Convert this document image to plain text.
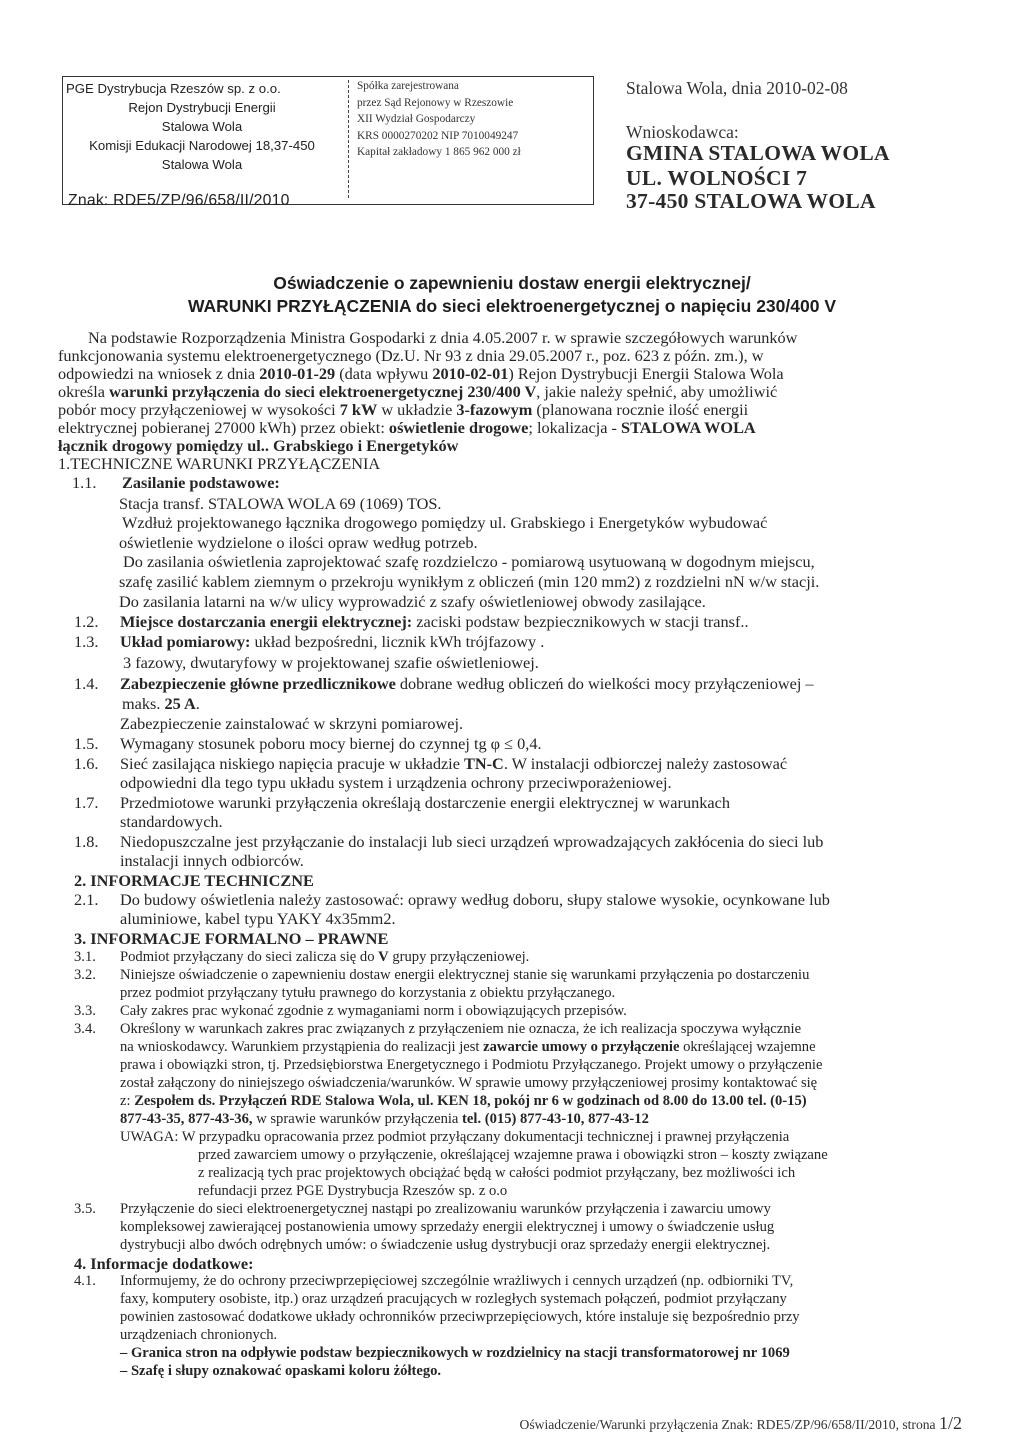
PGE Dystrybucja Rzeszów sp. z o.o.
Rejon Dystrybucji Energii
Stalowa Wola
Komisji Edukacji Narodowej 18,37-450
Stalowa Wola
Spółka zarejestrowana
przez Sąd Rejonowy w Rzeszowie
XII Wydział Gospodarczy
KRS 0000270202 NIP 7010049247
Kapitał zakładowy 1 865 962 000 zł
Znak: RDE5/ZP/96/658/II/2010
Stalowa Wola, dnia 2010-02-08
Wnioskodawca:
GMINA STALOWA WOLA
UL. WOLNOŚCI 7
37-450 STALOWA WOLA
Oświadczenie o zapewnieniu dostaw energii elektrycznej/
WARUNKI PRZYŁĄCZENIA do sieci elektroenergetycznej o napięciu 230/400 V
Na podstawie Rozporządzenia Ministra Gospodarki z dnia 4.05.2007 r. w sprawie szczegółowych warunków
funkcjonowania systemu elektroenergetycznego (Dz.U. Nr 93 z dnia 29.05.2007 r., poz. 623 z późn. zm.), w
odpowiedzi na wniosek z dnia 2010-01-29 (data wpływu 2010-02-01) Rejon Dystrybucji Energii Stalowa Wola
określa warunki przyłączenia do sieci elektroenergetycznej 230/400 V, jakie należy spełnić, aby umożliwić
pobór mocy przyłączeniowej w wysokości 7 kW w układzie 3-fazowym (planowana rocznie ilość energii
elektrycznej pobieranej 27000 kWh) przez obiekt: oświetlenie drogowe; lokalizacja - STALOWA WOLA
łącznik drogowy pomiędzy ul.. Grabskiego i Energetyków
1.TECHNICZNE WARUNKI PRZYŁĄCZENIA
1.1. Zasilanie podstawowe:
Stacja transf. STALOWA WOLA 69 (1069) TOS.
Wzdłuż projektowanego łącznika drogowego pomiędzy ul. Grabskiego i Energetyków wybudować
oświetlenie wydzielone o ilości opraw według potrzeb.
Do zasilania oświetlenia zaprojektować szafę rozdzielczo - pomiarową usytuowaną w dogodnym miejscu,
szafę zasilić kablem ziemnym o przekroju wynikłym z obliczeń (min 120 mm2) z rozdzielni nN w/w stacji.
Do zasilania latarni na w/w ulicy wyprowadzić z szafy oświetleniowej obwody zasilające.
1.2. Miejsce dostarczania energii elektrycznej: zaciski podstaw bezpiecznikowych w stacji transf..
1.3. Układ pomiarowy: układ bezpośredni, licznik kWh trójfazowy .
3 fazowy, dwutaryfowy w projektowanej szafie oświetleniowej.
1.4. Zabezpieczenie główne przedlicznikowe dobrane według obliczeń do wielkości mocy przyłączeniowej –
maks. 25 A.
Zabezpieczenie zainstalować w skrzyni pomiarowej.
1.5. Wymagany stosunek poboru mocy biernej do czynnej tg φ ≤ 0,4.
1.6. Sieć zasilająca niskiego napięcia pracuje w układzie TN-C. W instalacji odbiorczej należy zastosować
odpowiedni dla tego typu układu system i urządzenia ochrony przeciwporażeniowej.
1.7. Przedmiotowe warunki przyłączenia określają dostarczenie energii elektrycznej w warunkach
standardowych.
1.8. Niedopuszczalne jest przyłączanie do instalacji lub sieci urządzeń wprowadzających zakłócenia do sieci lub
instalacji innych odbiorców.
2. INFORMACJE TECHNICZNE
2.1. Do budowy oświetlenia należy zastosować: oprawy według doboru, słupy stalowe wysokie, ocynkowane lub
aluminiowe, kabel typu YAKY 4x35mm2.
3. INFORMACJE FORMALNO – PRAWNE
3.1. Podmiot przyłączany do sieci zalicza się do V grupy przyłączeniowej.
3.2. Niniejsze oświadczenie o zapewnieniu dostaw energii elektrycznej stanie się warunkami przyłączenia po dostarczeniu
przez podmiot przyłączany tytułu prawnego do korzystania z obiektu przyłączanego.
3.3. Cały zakres prac wykonać zgodnie z wymaganiami norm i obowiązujących przepisów.
3.4. Określony w warunkach zakres prac związanych z przyłączeniem nie oznacza, że ich realizacja spoczywa wyłącznie
na wnioskodawcy. Warunkiem przystąpienia do realizacji jest zawarcie umowy o przyłączenie określającej wzajemne
prawa i obowiązki stron, tj. Przedsiębiorstwa Energetycznego i Podmiotu Przyłączanego. Projekt umowy o przyłączenie
został załączony do niniejszego oświadczenia/warunków. W sprawie umowy przyłączeniowej prosimy kontaktować się
z: Zespołem ds. Przyłączeń RDE Stalowa Wola, ul. KEN 18, pokój nr 6 w godzinach od 8.00 do 13.00 tel. (0-15)
877-43-35, 877-43-36, w sprawie warunków przyłączenia tel. (015) 877-43-10, 877-43-12
UWAGA: W przypadku opracowania przez podmiot przyłączany dokumentacji technicznej i prawnej przyłączenia
przed zawarciem umowy o przyłączenie, określającej wzajemne prawa i obowiązki stron – koszty związane
z realizacją tych prac projektowych obciążać będą w całości podmiot przyłączany, bez możliwości ich
refundacji przez PGE Dystrybucja Rzeszów sp. z o.o
3.5. Przyłączenie do sieci elektroenergetycznej nastąpi po zrealizowaniu warunków przyłączenia i zawarciu umowy
kompleksowej zawierającej postanowienia umowy sprzedaży energii elektrycznej i umowy o świadczenie usług
dystrybucji albo dwóch odrębnych umów: o świadczenie usług dystrybucji oraz sprzedaży energii elektrycznej.
4. Informacje dodatkowe:
4.1. Informujemy, że do ochrony przeciwprzepięciowej szczególnie wrażliwych i cennych urządzeń (np. odbiorniki TV,
faxy, komputery osobiste, itp.) oraz urządzeń pracujących w rozległych systemach połączeń, podmiot przyłączany
powinien zastosować dodatkowe układy ochronników przeciwprzepięciowych, które instaluje się bezpośrednio przy
urządzeniach chronionych.
– Granica stron na odpływie podstaw bezpiecznikowych w rozdzielnicy na stacji transformatorowej nr 1069
– Szafę i słupy oznakować opaskami koloru żółtego.
Oświadczenie/Warunki przyłączenia Znak: RDE5/ZP/96/658/II/2010, strona 1/2
